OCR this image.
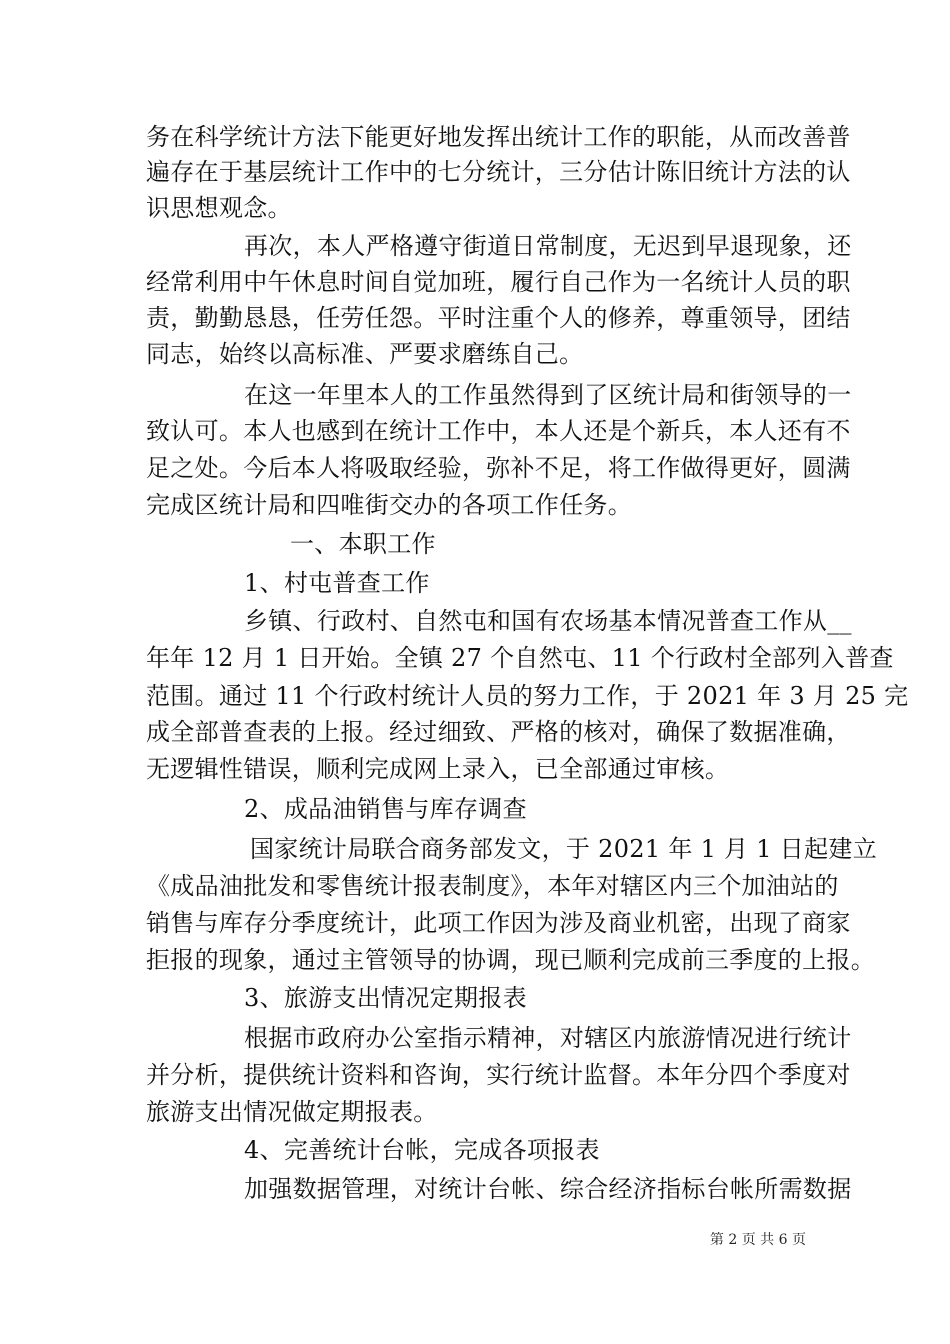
务在科学统计方法下能更好地发挥出统计工作的职能，从而改善普
遍存在于基层统计工作中的七分统计，三分估计陈旧统计方法的认
识思想观念。
再次，本人严格遵守街道日常制度，无迟到早退现象，还
经常利用中午休息时间自觉加班，履行自己作为一名统计人员的职
责，勤勤恳恳，任劳任怨。平时注重个人的修养，尊重领导，团结
同志，始终以高标准、严要求磨练自己。
在这一年里本人的工作虽然得到了区统计局和街领导的一
致认可。本人也感到在统计工作中，本人还是个新兵，本人还有不
足之处。今后本人将吸取经验，弥补不足，将工作做得更好，圆满
完成区统计局和四唯街交办的各项工作任务。
一、本职工作
1、村屯普查工作
乡镇、行政村、自然屯和国有农场基本情况普查工作从__
年年 12 月 1 日开始。全镇 27 个自然屯、11 个行政村全部列入普查
范围。通过 11 个行政村统计人员的努力工作，于 2021 年 3 月 25 完
成全部普查表的上报。经过细致、严格的核对，确保了数据准确，
无逻辑性错误，顺利完成网上录入，已全部通过审核。
2、成品油销售与库存调查
国家统计局联合商务部发文，于 2021 年 1 月 1 日起建立
《成品油批发和零售统计报表制度》，本年对辖区内三个加油站的
销售与库存分季度统计，此项工作因为涉及商业机密，出现了商家
拒报的现象，通过主管领导的协调，现已顺利完成前三季度的上报。
3、旅游支出情况定期报表
根据市政府办公室指示精神，对辖区内旅游情况进行统计
并分析，提供统计资料和咨询，实行统计监督。本年分四个季度对
旅游支出情况做定期报表。
4、完善统计台帐，完成各项报表
加强数据管理，对统计台帐、综合经济指标台帐所需数据
第 2 页 共 6 页
